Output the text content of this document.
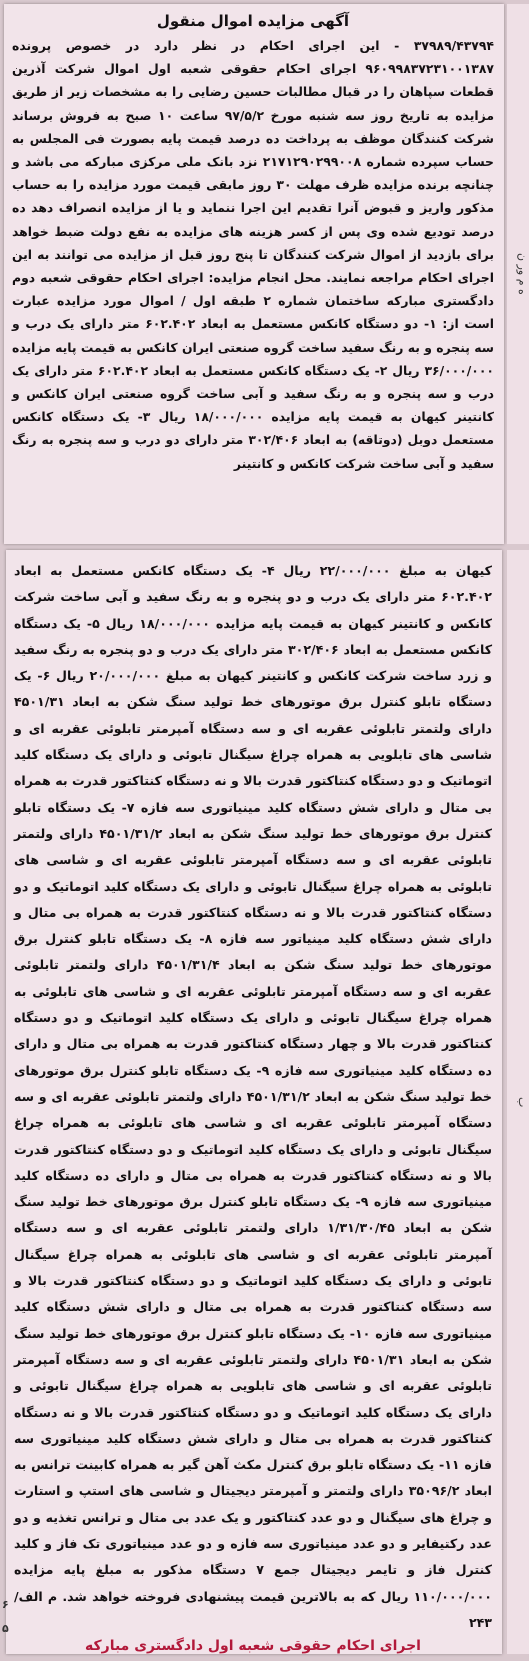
آگهی مزایده اموال منقول

۳۷۹۸۹/۴۳۷۹۴ - این اجرای احکام در نظر دارد در خصوص پرونده ۹۶۰۹۹۸۳۷۲۳۱۰۰۱۳۸۷ اجرای احکام حقوقی شعبه اول اموال شرکت آذرین قطعات سپاهان را در قبال مطالبات حسین رضایی را به مشخصات زیر از طریق مزایده به تاریخ روز سه شنبه مورخ ۹۷/۵/۲ ساعت ۱۰ صبح به فروش برساند شرکت کنندگان موظف به پرداخت ده درصد قیمت پایه بصورت فی المجلس به حساب سپرده شماره ۲۱۷۱۲۹۰۲۹۹۰۰۸ نزد بانک ملی مرکزی مبارکه می باشد و چنانچه برنده مزایده ظرف مهلت ۳۰ روز مابقی قیمت مورد مزایده را به حساب مذکور واریز و قبوض آنرا تقدیم این اجرا ننماید و یا از مزایده انصراف دهد ده درصد تودیع شده وی پس از کسر هزینه های مزایده به نفع دولت ضبط خواهد برای بازدید از اموال شرکت کنندگان تا پنج روز قبل از مزایده می توانند به این اجرای احکام مراجعه نمایند. محل انجام مزایده: اجرای احکام حقوقی شعبه دوم دادگستری مبارکه ساختمان شماره ۲ طبقه اول / اموال مورد مزایده عبارت است از: ۱- دو دستگاه کانکس مستعمل به ابعاد ۶۰۲.۴۰۲ متر دارای یک درب و سه پنجره و به رنگ سفید ساخت گروه صنعتی ایران کانکس به قیمت پایه مزایده ۳۶/۰۰۰/۰۰۰ ریال ۲- یک دستگاه کانکس مستعمل به ابعاد ۶۰۲.۴۰۲ متر دارای یک درب و سه پنجره و به رنگ سفید و آبی ساخت گروه صنعتی ایران کانکس و کانتینر کیهان به قیمت پایه مزایده ۱۸/۰۰۰/۰۰۰ ریال ۳- یک دستگاه کانکس مستعمل دوبل (دوتاقه) به ابعاد ۳۰۲/۴۰۶ متر دارای دو درب و سه پنجره به رنگ سفید و آبی ساخت شرکت کانکس و کانتینر

ه م ور ن

کیهان به مبلغ ۲۲/۰۰۰/۰۰۰ ریال ۴- یک دستگاه کانکس مستعمل به ابعاد ۶۰۲.۴۰۲ متر دارای یک درب و دو پنجره و به رنگ سفید و آبی ساخت شرکت کانکس و کانتینر کیهان به قیمت پایه مزایده ۱۸/۰۰۰/۰۰۰ ریال ۵- یک دستگاه کانکس مستعمل به ابعاد ۳۰۲/۴۰۶ متر دارای یک درب و دو پنجره به رنگ سفید و زرد ساخت شرکت کانکس و کانتینر کیهان به مبلغ ۲۰/۰۰۰/۰۰۰ ریال ۶- یک دستگاه تابلو کنترل برق موتورهای خط تولید سنگ شکن به ابعاد ۴۵۰۱/۳۱ دارای ولتمتر تابلوئی عقربه ای و سه دستگاه آمپرمتر تابلوئی عقربه ای و شاسی های تابلویی به همراه چراغ سیگنال تابوئی و دارای یک دستگاه کلید اتوماتیک و دو دستگاه کنتاکتور قدرت بالا و نه دستگاه کنتاکتور قدرت به همراه بی متال و دارای شش دستگاه کلید مینیاتوری سه فازه ۷- یک دستگاه تابلو کنترل برق موتورهای خط تولید سنگ شکن به ابعاد ۴۵۰۱/۳۱/۲ دارای ولتمتر تابلوئی عقربه ای و سه دستگاه آمپرمتر تابلوئی عقربه ای و شاسی های تابلوئی به همراه چراغ سیگنال تابوئی و دارای یک دستگاه کلید اتوماتیک و دو دستگاه کنتاکتور قدرت بالا و نه دستگاه کنتاکتور قدرت به همراه بی متال و دارای شش دستگاه کلید مینیاتور سه فازه ۸- یک دستگاه تابلو کنترل برق موتورهای خط تولید سنگ شکن به ابعاد ۴۵۰۱/۳۱/۴ دارای ولتمتر تابلوئی عقربه ای و سه دستگاه آمپرمتر تابلوئی عقربه ای و شاسی های تابلوئی به همراه چراغ سیگنال تابوئی و دارای یک دستگاه کلید اتوماتیک و دو دستگاه کنتاکتور قدرت بالا و چهار دستگاه کنتاکتور قدرت به همراه بی متال و دارای ده دستگاه کلید مینیاتوری سه فازه ۹- یک دستگاه تابلو کنترل برق موتورهای خط تولید سنگ شکن به ابعاد ۴۵۰۱/۳۱/۲ دارای ولتمتر تابلوئی عقربه ای و سه دستگاه آمپرمتر تابلوئی عقربه ای و شاسی های تابلوئی به همراه چراغ سیگنال تابوئی و دارای یک دستگاه کلید اتوماتیک و دو دستگاه کنتاکتور قدرت بالا و نه دستگاه کنتاکتور قدرت به همراه بی متال و دارای ده دستگاه کلید مینیاتوری سه فازه ۹- یک دستگاه تابلو کنترل برق موتورهای خط تولید سنگ شکن به ابعاد ۱/۳۱/۳۰/۴۵ دارای ولتمتر تابلوئی عقربه ای و سه دستگاه آمپرمتر تابلوئی عقربه ای و شاسی های تابلوئی به همراه چراغ سیگنال تابوئی و دارای یک دستگاه کلید اتوماتیک و دو دستگاه کنتاکتور قدرت بالا و سه دستگاه کنتاکتور قدرت به همراه بی متال و دارای شش دستگاه کلید مینیاتوری سه فازه ۱۰- یک دستگاه تابلو کنترل برق موتورهای خط تولید سنگ شکن به ابعاد ۴۵۰۱/۳۱ دارای ولتمتر تابلوئی عقربه ای و سه دستگاه آمپرمتر تابلوئی عقربه ای و شاسی های تابلویی به همراه چراغ سیگنال تابوئی و دارای یک دستگاه کلید اتوماتیک و دو دستگاه کنتاکتور قدرت بالا و نه دستگاه کنتاکتور قدرت به همراه بی متال و دارای شش دستگاه کلید مینیاتوری سه فازه ۱۱- یک دستگاه تابلو برق کنترل مکث آهن گیر به همراه کابینت ترانس به ابعاد ۳۵۰۹۶/۲ دارای ولتمتر و آمپرمتر دیجیتال و شاسی های استپ و استارت و چراغ های سیگنال و دو عدد کنتاکتور و یک عدد بی متال و ترانس تغذیه و دو عدد رکتیفایر و دو عدد مینیاتوری سه فازه و دو عدد مینیاتوری تک فاز و کلید کنترل فاز و تایمر دیجیتال جمع ۷ دستگاه مذکور به مبلغ پایه مزایده ۱۱۰/۰۰۰/۰۰۰ ریال که به بالاترین قیمت پیشنهادی فروخته خواهد شد. م الف/ ۲۴۳

اجرای احکام حقوقی شعبه اول دادگستری مبارکه
ب
۶
۵
